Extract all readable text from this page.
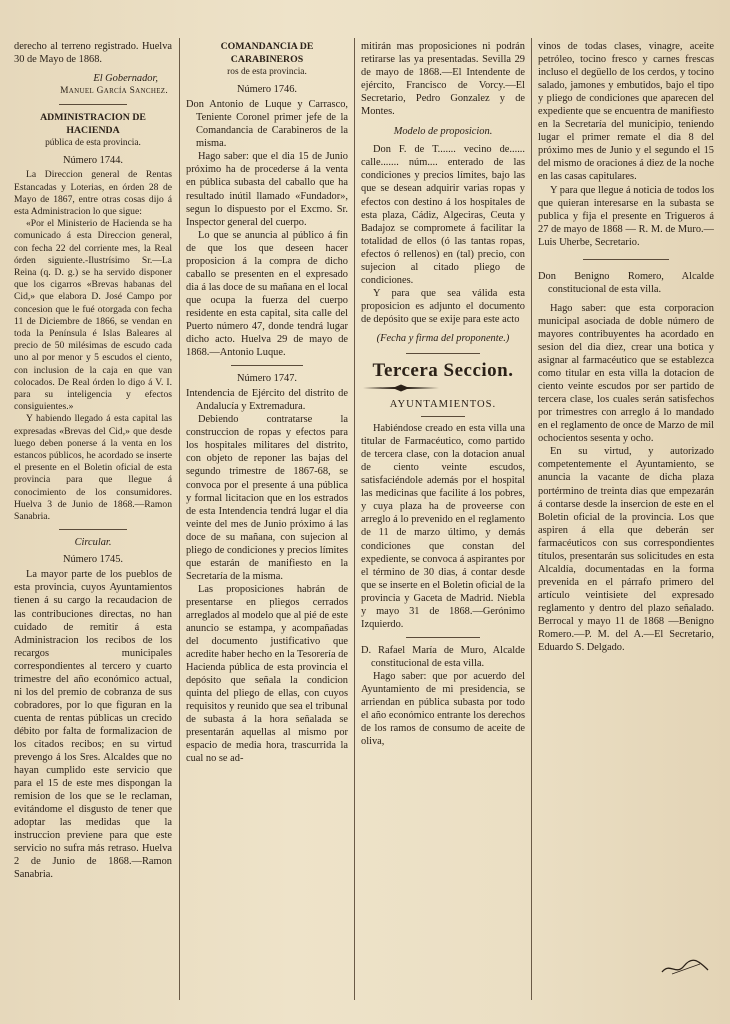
derecho al terreno registrado. Huelva 30 de Mayo de 1868.

El Gobernador,

Manuel García Sanchez.

ADMINISTRACION DE HACIENDA

pública de esta provincia.

Número 1744.

La Direccion general de Rentas Estancadas y Loterias, en órden 28 de Mayo de 1867, entre otras cosas dijo á esta Administracion lo que sigue:

«Por el Ministerio de Hacienda se ha comunicado á esta Direccion general, con fecha 22 del corriente mes, la Real órden siguiente.-Ilustrísimo Sr.—La Reina (q. D. g.) se ha servido disponer que los cigarros «Brevas habanas del Cid,» que elabora D. José Campo por concesion que le fué otorgada con fecha 11 de Diciembre de 1866, se vendan en toda la Península é Islas Baleares al precio de 50 milésimas de escudo cada uno al por menor y 5 escudos el ciento, con inclusion de la caja en que van colocados. De Real órden lo digo á V. I. para su inteligencia y efectos consiguientes.»

Y habiendo llegado á esta capital las expresadas «Brevas del Cid,» que desde luego deben ponerse á la venta en los estancos públicos, he acordado se inserte el presente en el Boletin oficial de esta provincia para que llegue á conocimiento de los consumidores. Huelva 3 de Junio de 1868.—Ramon Sanabria.

Circular.

Número 1745.

La mayor parte de los pueblos de esta provincia, cuyos Ayuntamientos tienen á su cargo la recaudacion de las contribuciones directas, no han cuidado de remitir á esta Administracion los recibos de los recargos municipales correspondientes al tercero y cuarto trimestre del año económico actual, ni los del premio de cobranza de sus cobradores, por lo que figuran en la cuenta de rentas públicas un crecido débito por falta de formalizacion de los citados recibos; en su virtud prevengo á los Sres. Alcaldes que no hayan cumplido este servicio que para el 15 de este mes dispongan la remision de los que se le reclaman, evitándome el disgusto de tener que adoptar las medidas que la instruccion previene para que este servicio no sufra más retraso. Huelva 2 de Junio de 1868.—Ramon Sanabria.

COMANDANCIA DE CARABINEROS

ros de esta provincia.

Número 1746.

Don Antonio de Luque y Carrasco, Teniente Coronel primer jefe de la Comandancia de Carabineros de la misma.

Hago saber: que el dia 15 de Junio próximo ha de procederse á la venta en pública subasta del caballo que ha resultado inútil llamado «Fundador», segun lo dispuesto por el Excmo. Sr. Inspector general del cuerpo.

Lo que se anuncia al público á fin de que los que deseen hacer proposicion á la compra de dicho caballo se presenten en el expresado dia á las doce de su mañana en el local que ocupa la fuerza del cuerpo residente en esta capital, sita calle del Puerto número 47, donde tendrá lugar dicho acto. Huelva 29 de mayo de 1868.—Antonio Luque.

Número 1747.

Intendencia de Ejército del distrito de Andalucía y Extremadura.

Debiendo contratarse la construccion de ropas y efectos para los hospitales militares del distrito, con objeto de reponer las bajas del segundo trimestre de 1867-68, se convoca por el presente á una pública y formal licitacion que en los estrados de esta Intendencia tendrá lugar el dia veinte del mes de Junio próximo á las doce de su mañana, con sujecion al pliego de condiciones y precios límites que estarán de manifiesto en la Secretaría de la misma.

Las proposiciones habrán de presentarse en pliegos cerrados arreglados al modelo que al pié de este anuncio se estampa, y acompañadas del documento justificativo que acredite haber hecho en la Tesorería de Hacienda pública de esta provincia el depósito que señala la condicion quinta del pliego de ellas, con cuyos requisitos y reunido que sea el tribunal de subasta á la hora señalada se presentarán aquellas al mismo por espacio de media hora, trascurrida la cual no se ad-

mitirán mas proposiciones ni podrán retirarse las ya presentadas. Sevilla 29 de mayo de 1868.—El Intendente de ejército, Francisco de Vorcy.—El Secretario, Pedro Gonzalez y de Montes.

Modelo de proposicion.

Don F. de T....... vecino de...... calle....... núm.... enterado de las condiciones y precios límites, bajo las que se desean adquirir varias ropas y efectos con destino á los hospitales de esta plaza, Cádiz, Algeciras, Ceuta y Badajoz se compromete á facilitar la totalidad de ellos (ó las tantas ropas, efectos ó rellenos) en (tal) precio, con sujecion al citado pliego de condiciones.

Y para que sea válida esta proposicion es adjunto el documento de depósito que se exije para este acto

(Fecha y firma del proponente.)

Tercera Seccion.

AYUNTAMIENTOS.

Habiéndose creado en esta villa una titular de Farmacéutico, como partido de tercera clase, con la dotacion anual de ciento veinte escudos, satisfaciéndole además por el hospital las medicinas que facilite á los pobres, y cuya plaza ha de proveerse con arreglo á lo prevenido en el reglamento de 11 de marzo último, y demás condiciones que constan del expediente, se convoca á aspirantes por el término de 30 dias, á contar desde que se inserte en el Boletin oficial de la provincia y Gaceta de Madrid. Niebla y mayo 31 de 1868.—Gerónimo Izquierdo.

D. Rafael María de Muro, Alcalde constitucional de esta villa.

Hago saber: que por acuerdo del Ayuntamiento de mi presidencia, se arriendan en pública subasta por todo el año económico entrante los derechos de los ramos de consumo de aceite de oliva,

vinos de todas clases, vinagre, aceite petróleo, tocino fresco y carnes frescas incluso el degüello de los cerdos, y tocino salado, jamones y embutidos, bajo el tipo y pliego de condiciones que aparecen del expediente que se encuentra de manifiesto en la Secretaría del municipio, teniendo lugar el primer remate el dia 8 del próximo mes de Junio y el segundo el 15 del mismo de oraciones á diez de la noche en las casas capitulares.

Y para que llegue á noticia de todos los que quieran interesarse en la subasta se publica y fija el presente en Trigueros á 27 de mayo de 1868 — R. M. de Muro.—Luis Uherbe, Secretario.

Don Benigno Romero, Alcalde constitucional de esta villa.

Hago saber: que esta corporacion municipal asociada de doble número de mayores contribuyentes ha acordado en sesion del dia diez, crear una botica y asignar al farmacéutico que se establezca como titular en esta villa la dotacion de ciento veinte escudos por ser partido de tercera clase, los cuales serán satisfechos por trimestres con arreglo á lo mandado en el reglamento de once de Marzo de mil ochocientos sesenta y ocho.

En su virtud, y autorizado competentemente el Ayuntamiento, se anuncia la vacante de dicha plaza portérmino de treinta dias que empezarán á contarse desde la insercion de este en el Boletin oficial de la provincia. Los que aspiren á ella que deberán ser farmacéuticos con sus correspondientes títulos, presentarán sus solicitudes en esta Alcaldía, documentadas en la forma prevenida en el párrafo primero del artículo veintisiete del expresado reglamento y dentro del plazo señalado. Berrocal y mayo 11 de 1868 —Benigno Romero.—P. M. del A.—El Secretario, Eduardo S. Delgado.
